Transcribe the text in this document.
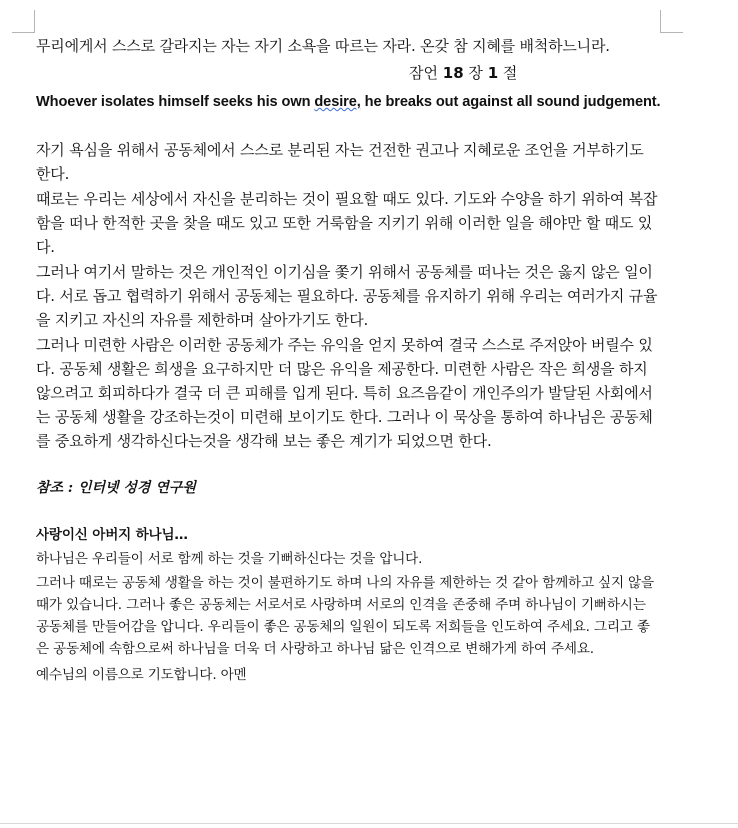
무리에게서 스스로 갈라지는 자는 자기 소욕을 따르는 자라. 온갖 참 지혜를 배척하느니라.

잠언 18 장 1 절

Whoever isolates himself seeks his own desire, he breaks out against all sound judgement.

자기 욕심을 위해서 공동체에서 스스로 분리된 자는 건전한 권고나 지혜로운 조언을 거부하기도 한다.

때로는 우리는 세상에서 자신을 분리하는 것이 필요할 때도 있다. 기도와 수양을 하기 위하여 복잡함을 떠나 한적한 곳을 찾을 때도 있고 또한 거룩함을 지키기 위해 이러한 일을 해야만 할 때도 있다.

그러나 여기서 말하는 것은 개인적인 이기심을 쫓기 위해서 공동체를 떠나는 것은 옳지 않은 일이다. 서로 돕고 협력하기 위해서 공동체는 필요하다. 공동체를 유지하기 위해 우리는 여러가지 규율을 지키고 자신의 자유를 제한하며 살아가기도 한다.

그러나 미련한 사람은 이러한 공동체가 주는 유익을 얻지 못하여 결국 스스로 주저앉아 버릴수 있다. 공동체 생활은 희생을 요구하지만 더 많은 유익을 제공한다. 미련한 사람은 작은 희생을 하지 않으려고 회피하다가 결국 더 큰 피해를 입게 된다. 특히 요즈음같이 개인주의가 발달된 사회에서는 공동체 생활을 강조하는것이 미련해 보이기도 한다. 그러나 이 묵상을 통하여 하나님은 공동체를 중요하게 생각하신다는것을 생각해 보는 좋은 계기가 되었으면 한다.

참조 : 인터넷 성경 연구원

사랑이신 아버지 하나님…

하나님은 우리들이 서로 함께 하는 것을 기뻐하신다는 것을 압니다.

그러나 때로는 공동체 생활을 하는 것이 불편하기도 하며 나의 자유를 제한하는 것 같아 함께하고 싶지 않을 때가 있습니다. 그러나 좋은 공동체는 서로서로 사랑하며 서로의 인격을 존중해 주며 하나님이 기뻐하시는 공동체를 만들어감을 압니다. 우리들이 좋은 공동체의 일원이 되도록 저희들을 인도하여 주세요. 그리고 좋은 공동체에 속함으로써 하나님을 더욱 더 사랑하고 하나님 닮은 인격으로 변해가게 하여 주세요.

예수님의 이름으로 기도합니다. 아멘
